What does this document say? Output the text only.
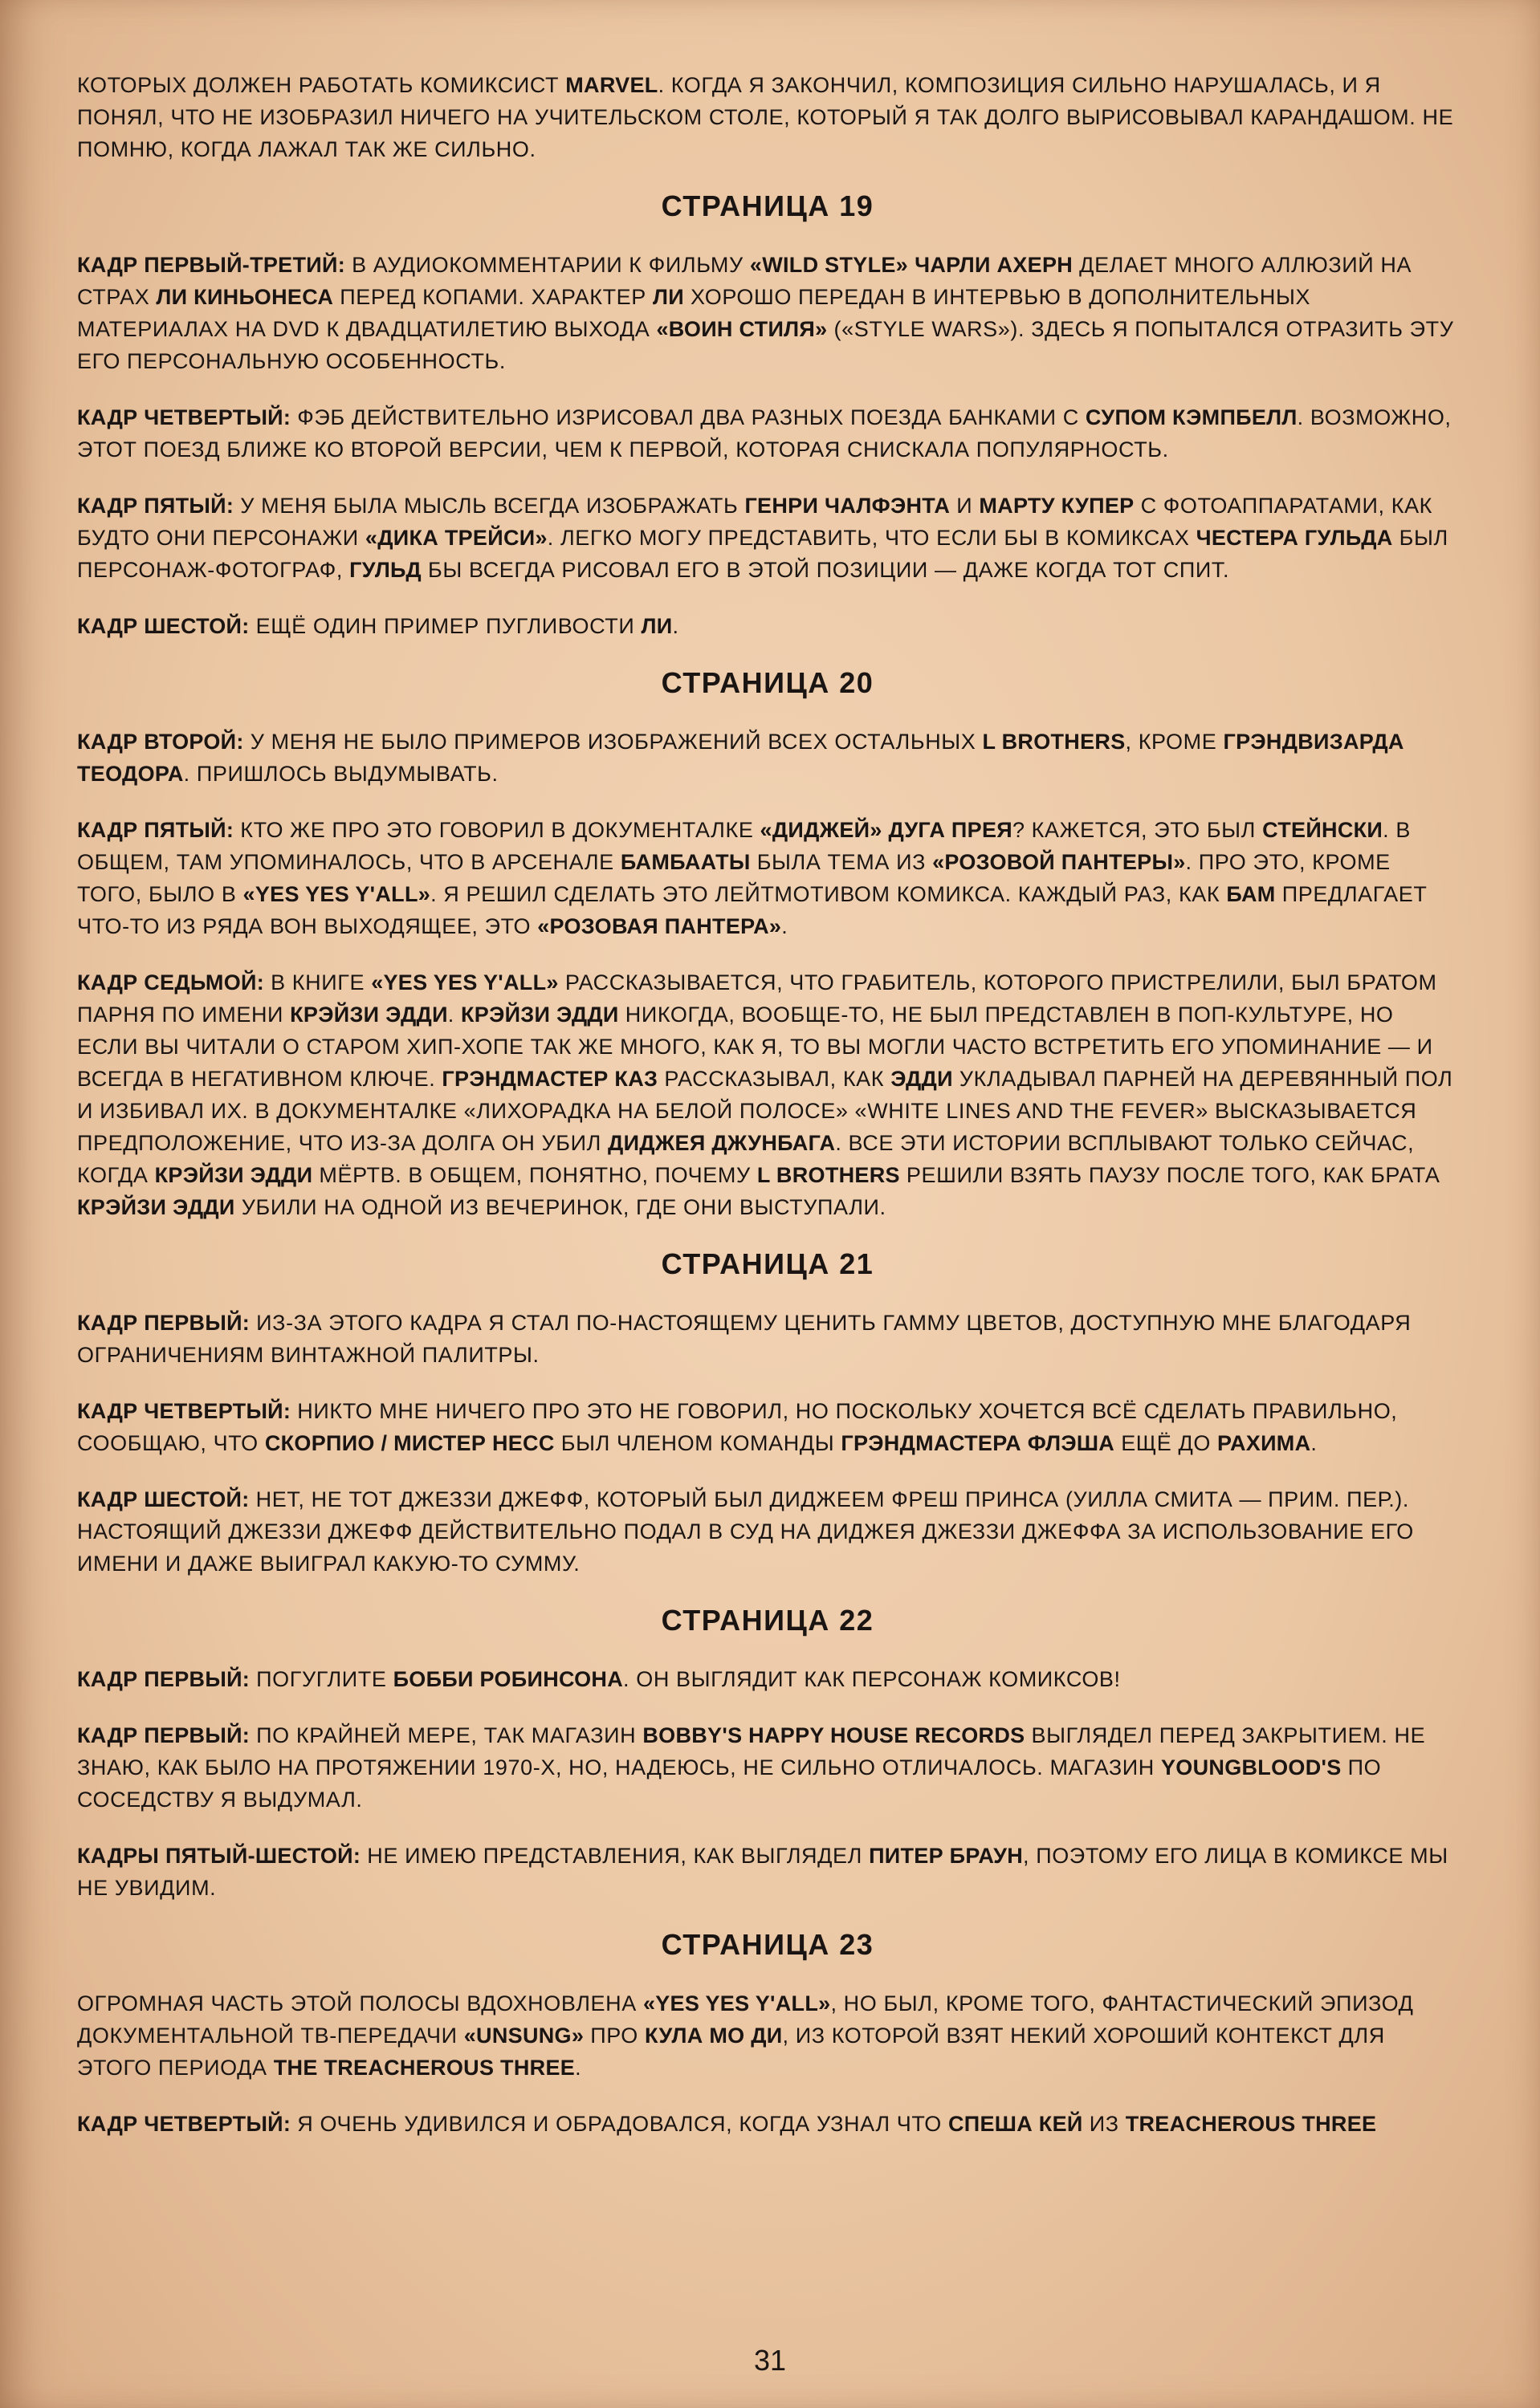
КОТОРЫХ ДОЛЖЕН РАБОТАТЬ КОМИКСИСТ MARVEL. КОГДА Я ЗАКОНЧИЛ, КОМПОЗИЦИЯ СИЛЬНО НАРУШАЛАСЬ, И Я ПОНЯЛ, ЧТО НЕ ИЗОБРАЗИЛ НИЧЕГО НА УЧИТЕЛЬСКОМ СТОЛЕ, КОТОРЫЙ Я ТАК ДОЛГО ВЫРИСОВЫВАЛ КАРАНДАШОМ. НЕ ПОМНЮ, КОГДА ЛАЖАЛ ТАК ЖЕ СИЛЬНО.

СТРАНИЦА 19

КАДР ПЕРВЫЙ-ТРЕТИЙ: В АУДИОКОММЕНТАРИИ К ФИЛЬМУ «WILD STYLE» ЧАРЛИ АХЕРН ДЕЛАЕТ МНОГО АЛЛЮЗИЙ НА СТРАХ ЛИ КИНЬОНЕСА ПЕРЕД КОПАМИ. ХАРАКТЕР ЛИ ХОРОШО ПЕРЕДАН В ИНТЕРВЬЮ В ДОПОЛНИТЕЛЬНЫХ МАТЕРИАЛАХ НА DVD К ДВАДЦАТИЛЕТИЮ ВЫХОДА «ВОИН СТИЛЯ» («STYLE WARS»). ЗДЕСЬ Я ПОПЫТАЛСЯ ОТРАЗИТЬ ЭТУ ЕГО ПЕРСОНАЛЬНУЮ ОСОБЕННОСТЬ.

КАДР ЧЕТВЕРТЫЙ: ФЭБ ДЕЙСТВИТЕЛЬНО ИЗРИСОВАЛ ДВА РАЗНЫХ ПОЕЗДА БАНКАМИ С СУПОМ КЭМПБЕЛЛ. ВОЗМОЖНО, ЭТОТ ПОЕЗД БЛИЖЕ КО ВТОРОЙ ВЕРСИИ, ЧЕМ К ПЕРВОЙ, КОТОРАЯ СНИСКАЛА ПОПУЛЯРНОСТЬ.

КАДР ПЯТЫЙ: У МЕНЯ БЫЛА МЫСЛЬ ВСЕГДА ИЗОБРАЖАТЬ ГЕНРИ ЧАЛФЭНТА И МАРТУ КУПЕР С ФОТОАППАРАТАМИ, КАК БУДТО ОНИ ПЕРСОНАЖИ «ДИКА ТРЕЙСИ». ЛЕГКО МОГУ ПРЕДСТАВИТЬ, ЧТО ЕСЛИ БЫ В КОМИКСАХ ЧЕСТЕРА ГУЛЬДА БЫЛ ПЕРСОНАЖ-ФОТОГРАФ, ГУЛЬД БЫ ВСЕГДА РИСОВАЛ ЕГО В ЭТОЙ ПОЗИЦИИ — ДАЖЕ КОГДА ТОТ СПИТ.

КАДР ШЕСТОЙ: ЕЩЁ ОДИН ПРИМЕР ПУГЛИВОСТИ ЛИ.

СТРАНИЦА 20

КАДР ВТОРОЙ: У МЕНЯ НЕ БЫЛО ПРИМЕРОВ ИЗОБРАЖЕНИЙ ВСЕХ ОСТАЛЬНЫХ L BROTHERS, КРОМЕ ГРЭНДВИЗАРДА ТЕОДОРА. ПРИШЛОСЬ ВЫДУМЫВАТЬ.

КАДР ПЯТЫЙ: КТО ЖЕ ПРО ЭТО ГОВОРИЛ В ДОКУМЕНТАЛКЕ «ДИДЖЕЙ» ДУГА ПРЕЯ? КАЖЕТСЯ, ЭТО БЫЛ СТЕЙНСКИ. В ОБЩЕМ, ТАМ УПОМИНАЛОСЬ, ЧТО В АРСЕНАЛЕ БАМБААТЫ БЫЛА ТЕМА ИЗ «РОЗОВОЙ ПАНТЕРЫ». ПРО ЭТО, КРОМЕ ТОГО, БЫЛО В «YES YES Y'ALL». Я РЕШИЛ СДЕЛАТЬ ЭТО ЛЕЙТМОТИВОМ КОМИКСА. КАЖДЫЙ РАЗ, КАК БАМ ПРЕДЛАГАЕТ ЧТО-ТО ИЗ РЯДА ВОН ВЫХОДЯЩЕЕ, ЭТО «РОЗОВАЯ ПАНТЕРА».

КАДР СЕДЬМОЙ: В КНИГЕ «YES YES Y'ALL» РАССКАЗЫВАЕТСЯ, ЧТО ГРАБИТЕЛЬ, КОТОРОГО ПРИСТРЕЛИЛИ, БЫЛ БРАТОМ ПАРНЯ ПО ИМЕНИ КРЭЙЗИ ЭДДИ. КРЭЙЗИ ЭДДИ НИКОГДА, ВООБЩЕ-ТО, НЕ БЫЛ ПРЕДСТАВЛЕН В ПОП-КУЛЬТУРЕ, НО ЕСЛИ ВЫ ЧИТАЛИ О СТАРОМ ХИП-ХОПЕ ТАК ЖЕ МНОГО, КАК Я, ТО ВЫ МОГЛИ ЧАСТО ВСТРЕТИТЬ ЕГО УПОМИНАНИЕ — И ВСЕГДА В НЕГАТИВНОМ КЛЮЧЕ. ГРЭНДМАСТЕР КАЗ РАССКАЗЫВАЛ, КАК ЭДДИ УКЛАДЫВАЛ ПАРНЕЙ НА ДЕРЕВЯННЫЙ ПОЛ И ИЗБИВАЛ ИХ. В ДОКУМЕНТАЛКЕ «ЛИХОРАДКА НА БЕЛОЙ ПОЛОСЕ» «WHITE LINES AND THE FEVER» ВЫСКАЗЫВАЕТСЯ ПРЕДПОЛОЖЕНИЕ, ЧТО ИЗ-ЗА ДОЛГА ОН УБИЛ ДИДЖЕЯ ДЖУНБАГА. ВСЕ ЭТИ ИСТОРИИ ВСПЛЫВАЮТ ТОЛЬКО СЕЙЧАС, КОГДА КРЭЙЗИ ЭДДИ МЁРТВ. В ОБЩЕМ, ПОНЯТНО, ПОЧЕМУ L BROTHERS РЕШИЛИ ВЗЯТЬ ПАУЗУ ПОСЛЕ ТОГО, КАК БРАТА КРЭЙЗИ ЭДДИ УБИЛИ НА ОДНОЙ ИЗ ВЕЧЕРИНОК, ГДЕ ОНИ ВЫСТУПАЛИ.

СТРАНИЦА 21

КАДР ПЕРВЫЙ: ИЗ-ЗА ЭТОГО КАДРА Я СТАЛ ПО-НАСТОЯЩЕМУ ЦЕНИТЬ ГАММУ ЦВЕТОВ, ДОСТУПНУЮ МНЕ БЛАГОДАРЯ ОГРАНИЧЕНИЯМ ВИНТАЖНОЙ ПАЛИТРЫ.

КАДР ЧЕТВЕРТЫЙ: НИКТО МНЕ НИЧЕГО ПРО ЭТО НЕ ГОВОРИЛ, НО ПОСКОЛЬКУ ХОЧЕТСЯ ВСЁ СДЕЛАТЬ ПРАВИЛЬНО, СООБЩАЮ, ЧТО СКОРПИО / МИСТЕР НЕСС БЫЛ ЧЛЕНОМ КОМАНДЫ ГРЭНДМАСТЕРА ФЛЭША ЕЩЁ ДО РАХИМА.

КАДР ШЕСТОЙ: НЕТ, НЕ ТОТ ДЖЕЗЗИ ДЖЕФФ, КОТОРЫЙ БЫЛ ДИДЖЕЕМ ФРЕШ ПРИНСА (УИЛЛА СМИТА — ПРИМ. ПЕР.). НАСТОЯЩИЙ ДЖЕЗЗИ ДЖЕФФ ДЕЙСТВИТЕЛЬНО ПОДАЛ В СУД НА ДИДЖЕЯ ДЖЕЗЗИ ДЖЕФФА ЗА ИСПОЛЬЗОВАНИЕ ЕГО ИМЕНИ И ДАЖЕ ВЫИГРАЛ КАКУЮ-ТО СУММУ.

СТРАНИЦА 22

КАДР ПЕРВЫЙ: ПОГУГЛИТЕ БОББИ РОБИНСОНА. ОН ВЫГЛЯДИТ КАК ПЕРСОНАЖ КОМИКСОВ!

КАДР ПЕРВЫЙ: ПО КРАЙНЕЙ МЕРЕ, ТАК МАГАЗИН BOBBY'S HAPPY HOUSE RECORDS ВЫГЛЯДЕЛ ПЕРЕД ЗАКРЫТИЕМ. НЕ ЗНАЮ, КАК БЫЛО НА ПРОТЯЖЕНИИ 1970-Х, НО, НАДЕЮСЬ, НЕ СИЛЬНО ОТЛИЧАЛОСЬ. МАГАЗИН YOUNGBLOOD'S ПО СОСЕДСТВУ Я ВЫДУМАЛ.

КАДРЫ ПЯТЫЙ-ШЕСТОЙ: НЕ ИМЕЮ ПРЕДСТАВЛЕНИЯ, КАК ВЫГЛЯДЕЛ ПИТЕР БРАУН, ПОЭТОМУ ЕГО ЛИЦА В КОМИКСЕ МЫ НЕ УВИДИМ.

СТРАНИЦА 23

ОГРОМНАЯ ЧАСТЬ ЭТОЙ ПОЛОСЫ ВДОХНОВЛЕНА «YES YES Y'ALL», НО БЫЛ, КРОМЕ ТОГО, ФАНТАСТИЧЕСКИЙ ЭПИЗОД ДОКУМЕНТАЛЬНОЙ ТВ-ПЕРЕДАЧИ «UNSUNG» ПРО КУЛА МО ДИ, ИЗ КОТОРОЙ ВЗЯТ НЕКИЙ ХОРОШИЙ КОНТЕКСТ ДЛЯ ЭТОГО ПЕРИОДА THE TREACHEROUS THREE.

КАДР ЧЕТВЕРТЫЙ: Я ОЧЕНЬ УДИВИЛСЯ И ОБРАДОВАЛСЯ, КОГДА УЗНАЛ ЧТО СПЕША КЕЙ ИЗ TREACHEROUS THREE

31
